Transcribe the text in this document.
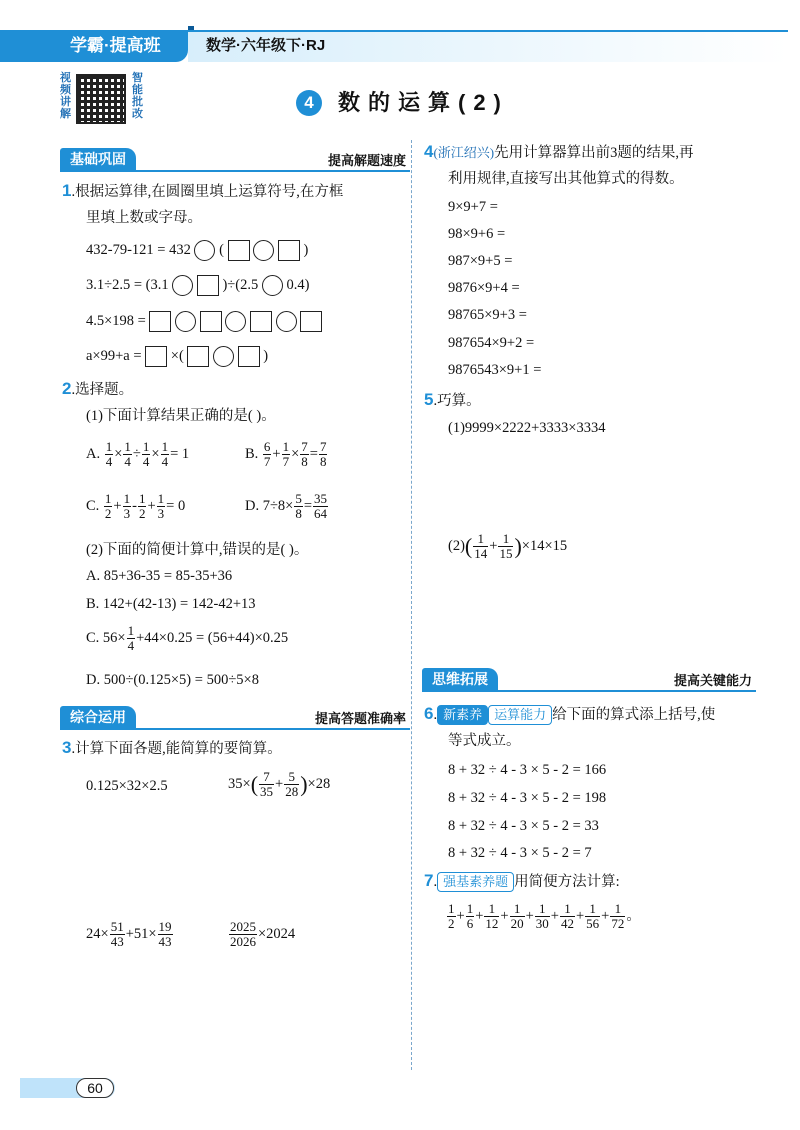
学霸·提高班	数学·六年级下·RJ
视频讲解
智能批改
4	数的运算(2)
基础巩固	提高解题速度
1.根据运算律,在圆圈里填上运算符号,在方框
里填上数或字母。
432-79-121 = 432 (	)
3.1÷2.5 = (3.1	)÷(2.5 0.4)
4.5×198 =
a×99+a = ×(	)
2.选择题。
(1)下面计算结果正确的是( )。
A. $\frac{1}{4} \times \frac{1}{4} \div \frac{1}{4} \times \frac{1}{4} = 1$	B. $\frac{6}{7} + \frac{1}{7} \times \frac{7}{8} = \frac{7}{8}$
C. $\frac{1}{2} + \frac{1}{3} - \frac{1}{2} + \frac{1}{3} = 0$	D. $7\div 8\times \frac{5}{8} = \frac{35}{64}$
(2)下面的简便计算中,错误的是( )。
A. 85+36-35 = 85-35+36
B. 142+(42-13) = 142-42+13
C. $56\times \frac{1}{4} +44\times 0.25 = (56+44)\times 0.25$
D. 500÷(0.125×5) = 500÷5×8
综合运用	提高答题准确率
3.计算下面各题,能简算的要简算。
0.125×32×2.5	$35\times( \frac{7}{35} + \frac{5}{28} )\times 28$
$24\times \frac{51}{43} +51\times \frac{19}{43}$	$\frac{2025}{2026} \times 2024$
4(浙江绍兴)先用计算器算出前3题的结果,再
利用规律,直接写出其他算式的得数。
9×9+7 =
98×9+6 =
987×9+5 =
9876×9+4 =
98765×9+3 =
987654×9+2 =
9876543×9+1 =
5.巧算。
(1)9999×2222+3333×3334
$(2)( \frac{1}{14} + \frac{1}{15} )\times 14\times 15$
思维拓展	提高关键能力
6. 新素养 运算能力 给下面的算式添上括号,使
等式成立。
8 + 32 ÷ 4 - 3 × 5 - 2 = 166
8 + 32 ÷ 4 - 3 × 5 - 2 = 198
8 + 32 ÷ 4 - 3 × 5 - 2 = 33
8 + 32 ÷ 4 - 3 × 5 - 2 = 7
7. 强基素养题 用简便方法计算:
$\frac{1}{2} + \frac{1}{6} + \frac{1}{12} + \frac{1}{20} + \frac{1}{30} + \frac{1}{42} + \frac{1}{56} + \frac{1}{72}$ 。
60
